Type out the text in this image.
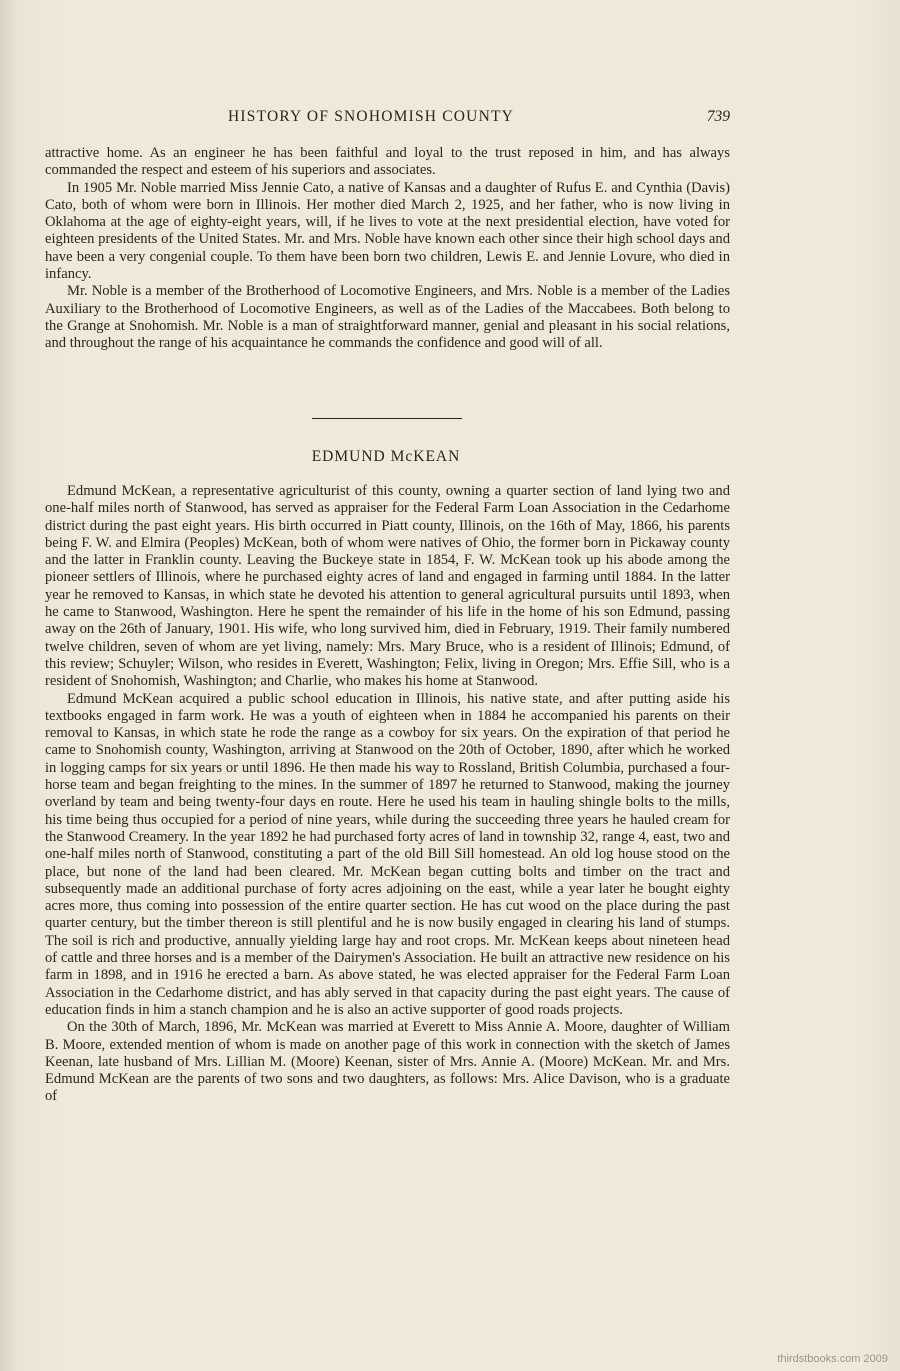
HISTORY OF SNOHOMISH COUNTY	739

attractive home. As an engineer he has been faithful and loyal to the trust reposed in him, and has always commanded the respect and esteem of his superiors and associates.

In 1905 Mr. Noble married Miss Jennie Cato, a native of Kansas and a daughter of Rufus E. and Cynthia (Davis) Cato, both of whom were born in Illinois. Her mother died March 2, 1925, and her father, who is now living in Oklahoma at the age of eighty-eight years, will, if he lives to vote at the next presidential election, have voted for eighteen presidents of the United States. Mr. and Mrs. Noble have known each other since their high school days and have been a very congenial couple. To them have been born two children, Lewis E. and Jennie Lovure, who died in infancy.

Mr. Noble is a member of the Brotherhood of Locomotive Engineers, and Mrs. Noble is a member of the Ladies Auxiliary to the Brotherhood of Locomotive Engineers, as well as of the Ladies of the Maccabees. Both belong to the Grange at Snohomish. Mr. Noble is a man of straightforward manner, genial and pleasant in his social relations, and throughout the range of his acquaintance he commands the confidence and good will of all.

EDMUND McKEAN

Edmund McKean, a representative agriculturist of this county, owning a quarter section of land lying two and one-half miles north of Stanwood, has served as appraiser for the Federal Farm Loan Association in the Cedarhome district during the past eight years. His birth occurred in Piatt county, Illinois, on the 16th of May, 1866, his parents being F. W. and Elmira (Peoples) McKean, both of whom were natives of Ohio, the former born in Pickaway county and the latter in Franklin county. Leaving the Buckeye state in 1854, F. W. McKean took up his abode among the pioneer settlers of Illinois, where he purchased eighty acres of land and engaged in farming until 1884. In the latter year he removed to Kansas, in which state he devoted his attention to general agricultural pursuits until 1893, when he came to Stanwood, Washington. Here he spent the remainder of his life in the home of his son Edmund, passing away on the 26th of January, 1901. His wife, who long survived him, died in February, 1919. Their family numbered twelve children, seven of whom are yet living, namely: Mrs. Mary Bruce, who is a resident of Illinois; Edmund, of this review; Schuyler; Wilson, who resides in Everett, Washington; Felix, living in Oregon; Mrs. Effie Sill, who is a resident of Snohomish, Washington; and Charlie, who makes his home at Stanwood.

Edmund McKean acquired a public school education in Illinois, his native state, and after putting aside his textbooks engaged in farm work. He was a youth of eighteen when in 1884 he accompanied his parents on their removal to Kansas, in which state he rode the range as a cowboy for six years. On the expiration of that period he came to Snohomish county, Washington, arriving at Stanwood on the 20th of October, 1890, after which he worked in logging camps for six years or until 1896. He then made his way to Rossland, British Columbia, purchased a four-horse team and began freighting to the mines. In the summer of 1897 he returned to Stanwood, making the journey overland by team and being twenty-four days en route. Here he used his team in hauling shingle bolts to the mills, his time being thus occupied for a period of nine years, while during the succeeding three years he hauled cream for the Stanwood Creamery. In the year 1892 he had purchased forty acres of land in township 32, range 4, east, two and one-half miles north of Stanwood, constituting a part of the old Bill Sill homestead. An old log house stood on the place, but none of the land had been cleared. Mr. McKean began cutting bolts and timber on the tract and subsequently made an additional purchase of forty acres adjoining on the east, while a year later he bought eighty acres more, thus coming into possession of the entire quarter section. He has cut wood on the place during the past quarter century, but the timber thereon is still plentiful and he is now busily engaged in clearing his land of stumps. The soil is rich and productive, annually yielding large hay and root crops. Mr. McKean keeps about nineteen head of cattle and three horses and is a member of the Dairymen's Association. He built an attractive new residence on his farm in 1898, and in 1916 he erected a barn. As above stated, he was elected appraiser for the Federal Farm Loan Association in the Cedarhome district, and has ably served in that capacity during the past eight years. The cause of education finds in him a stanch champion and he is also an active supporter of good roads projects.

On the 30th of March, 1896, Mr. McKean was married at Everett to Miss Annie A. Moore, daughter of William B. Moore, extended mention of whom is made on another page of this work in connection with the sketch of James Keenan, late husband of Mrs. Lillian M. (Moore) Keenan, sister of Mrs. Annie A. (Moore) McKean. Mr. and Mrs. Edmund McKean are the parents of two sons and two daughters, as follows: Mrs. Alice Davison, who is a graduate of

thirdstbooks.com 2009
